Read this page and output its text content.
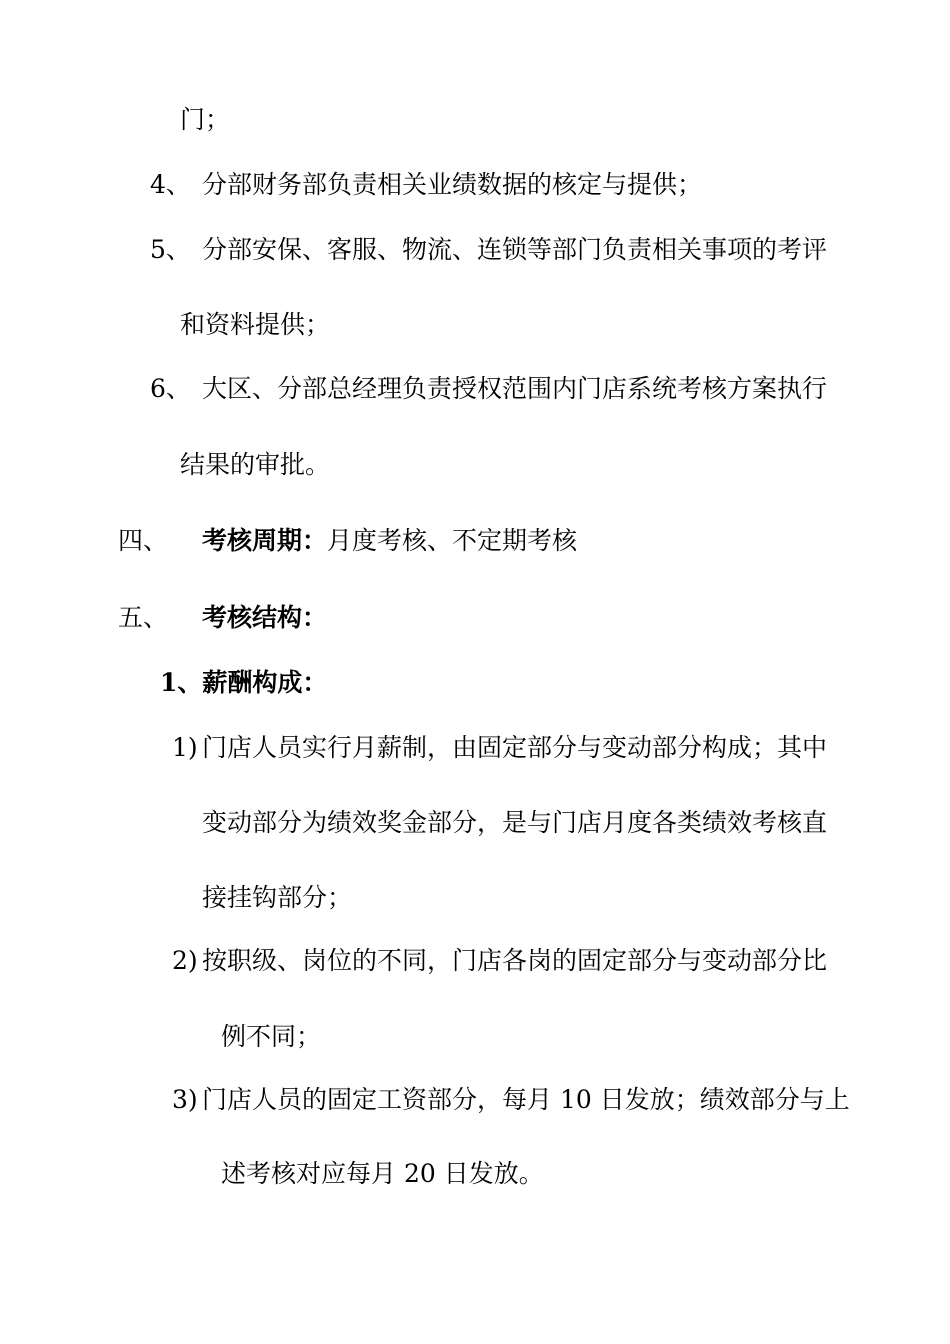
门；

4、 分部财务部负责相关业绩数据的核定与提供；

5、 分部安保、客服、物流、连锁等部门负责相关事项的考评

和资料提供；

6、 大区、分部总经理负责授权范围内门店系统考核方案执行

结果的审批。

四、 考核周期：月度考核、不定期考核

五、 考核结构：

1、薪酬构成：

1) 门店人员实行月薪制，由固定部分与变动部分构成；其中

变动部分为绩效奖金部分，是与门店月度各类绩效考核直

接挂钩部分；

2) 按职级、岗位的不同，门店各岗的固定部分与变动部分比

例不同；

3) 门店人员的固定工资部分，每月 10 日发放；绩效部分与上

述考核对应每月 20 日发放。
